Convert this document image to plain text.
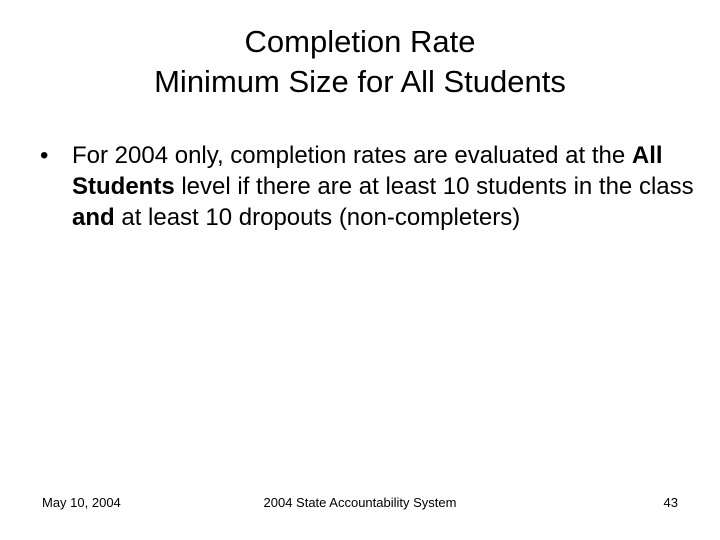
Completion Rate
Minimum Size for All Students
• For 2004 only, completion rates are evaluated at the All Students level if there are at least 10 students in the class and at least 10 dropouts (non-completers)
May 10, 2004	2004 State Accountability System	43
